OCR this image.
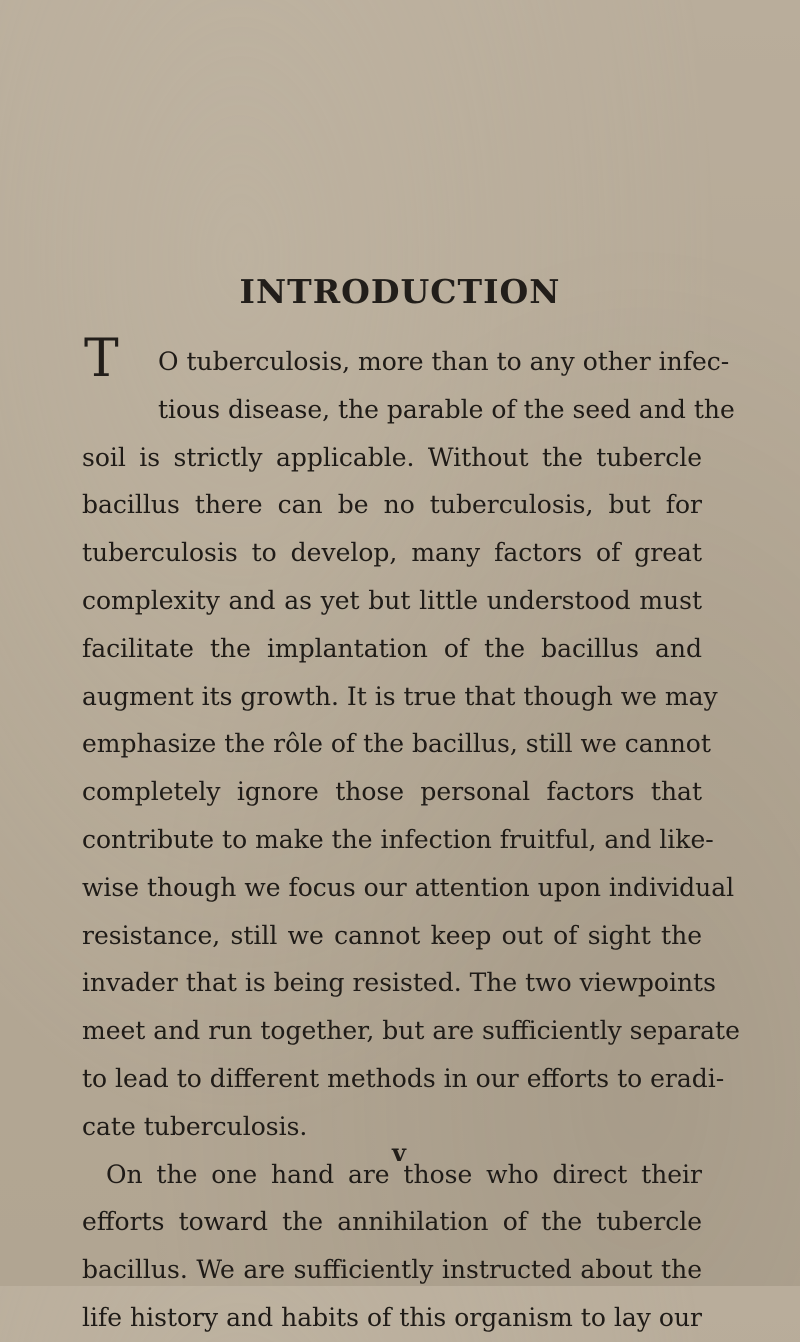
INTRODUCTION
T	O tuberculosis, more than to any other infec-
tious disease, the parable of the seed and the
soil is strictly applicable. Without the tubercle
bacillus there can be no tuberculosis, but for
tuberculosis to develop, many factors of great
complexity and as yet but little understood must
facilitate the implantation of the bacillus and
augment its growth. It is true that though we may
emphasize the rôle of the bacillus, still we cannot
completely ignore those personal factors that
contribute to make the infection fruitful, and like-
wise though we focus our attention upon individual
resistance, still we cannot keep out of sight the
invader that is being resisted. The two viewpoints
meet and run together, but are sufficiently separate
to lead to different methods in our efforts to eradi-
cate tuberculosis.
On the one hand are those who direct their
efforts toward the annihilation of the tubercle
bacillus. We are sufficiently instructed about the
life history and habits of this organism to lay our
v
